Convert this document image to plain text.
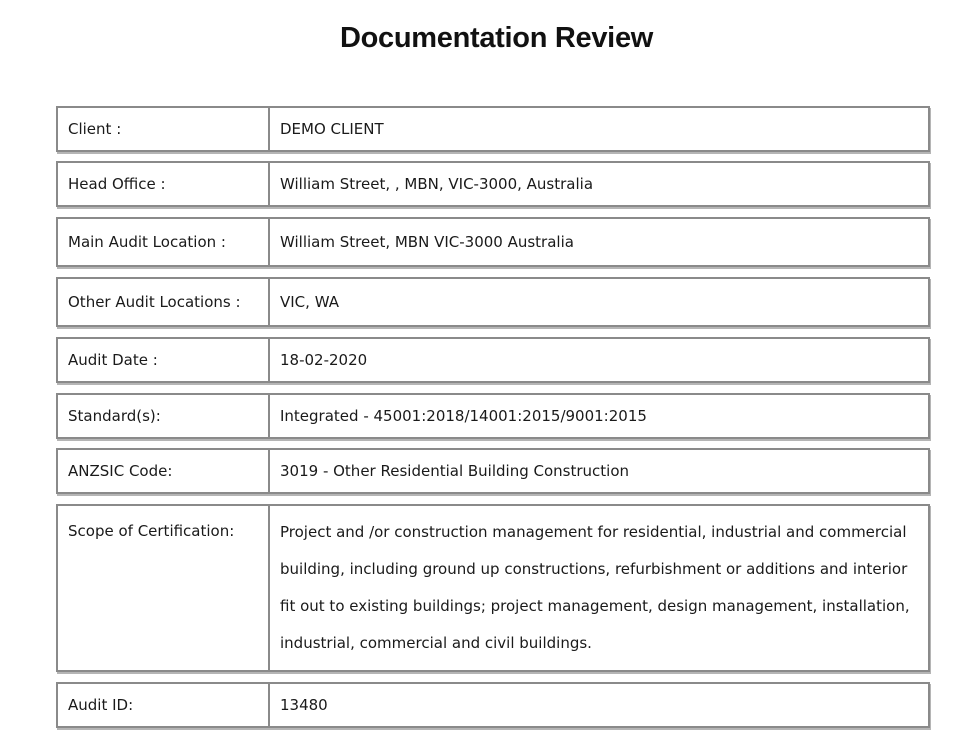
Documentation Review
Client :	DEMO CLIENT
Head Office :	William Street, , MBN, VIC-3000, Australia
Main Audit Location :	William Street, MBN VIC-3000 Australia
Other Audit Locations :	VIC, WA
Audit Date :	18-02-2020
Standard(s):	Integrated - 45001:2018/14001:2015/9001:2015
ANZSIC Code:	3019 - Other Residential Building Construction
Scope of Certification:	Project and /or construction management for residential, industrial and commercial building, including ground up constructions, refurbishment or additions and interior fit out to existing buildings; project management, design management, installation, industrial, commercial and civil buildings.
Audit ID:	13480
